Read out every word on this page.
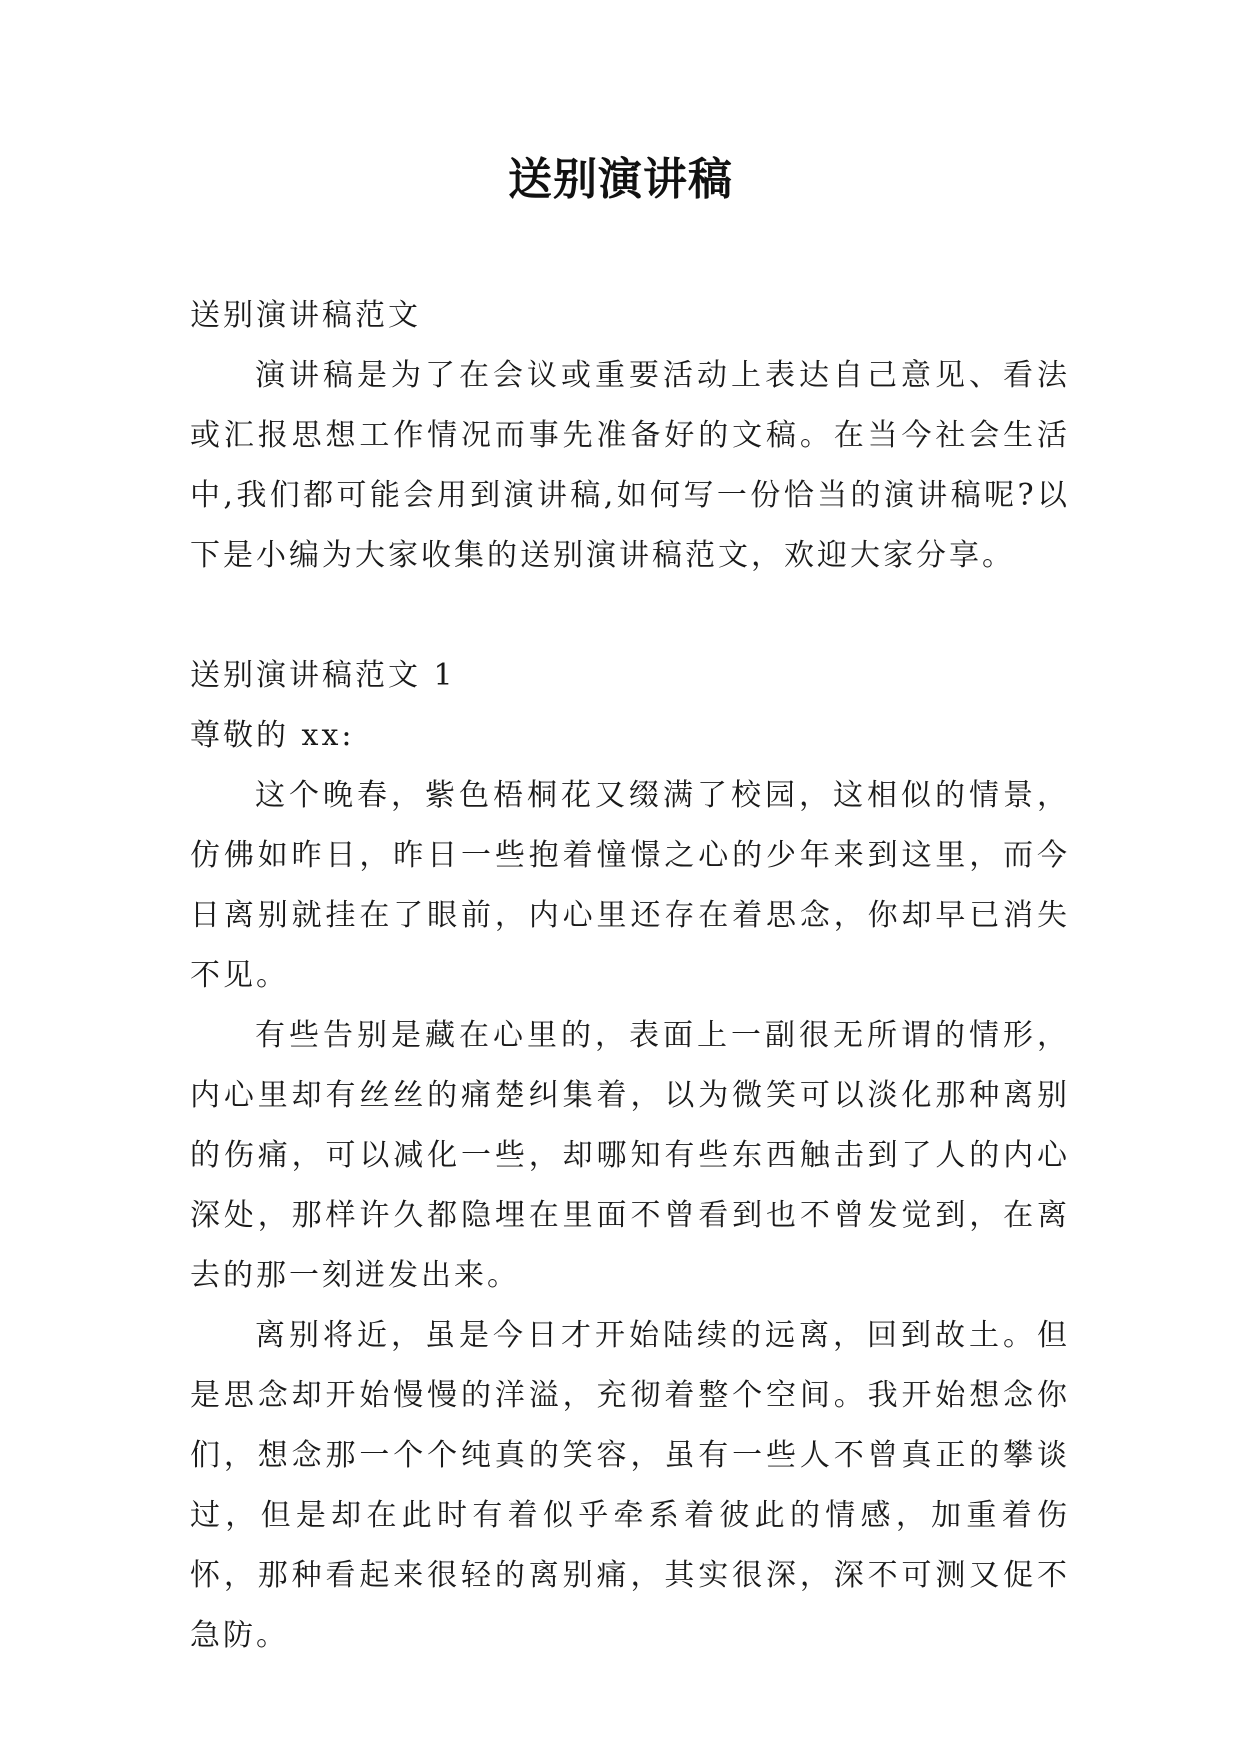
送别演讲稿

送别演讲稿范文

演讲稿是为了在会议或重要活动上表达自己意见、看法或汇报思想工作情况而事先准备好的文稿。在当今社会生活中,我们都可能会用到演讲稿,如何写一份恰当的演讲稿呢?以下是小编为大家收集的送别演讲稿范文，欢迎大家分享。

送别演讲稿范文 1

尊敬的 xx:

这个晚春，紫色梧桐花又缀满了校园，这相似的情景，仿佛如昨日，昨日一些抱着憧憬之心的少年来到这里，而今日离别就挂在了眼前，内心里还存在着思念，你却早已消失不见。

有些告别是藏在心里的，表面上一副很无所谓的情形，内心里却有丝丝的痛楚纠集着，以为微笑可以淡化那种离别的伤痛，可以减化一些，却哪知有些东西触击到了人的内心深处，那样许久都隐埋在里面不曾看到也不曾发觉到，在离去的那一刻迸发出来。

离别将近，虽是今日才开始陆续的远离，回到故土。但是思念却开始慢慢的洋溢，充彻着整个空间。我开始想念你们，想念那一个个纯真的笑容，虽有一些人不曾真正的攀谈过，但是却在此时有着似乎牵系着彼此的情感，加重着伤怀，那种看起来很轻的离别痛，其实很深，深不可测又促不急防。
